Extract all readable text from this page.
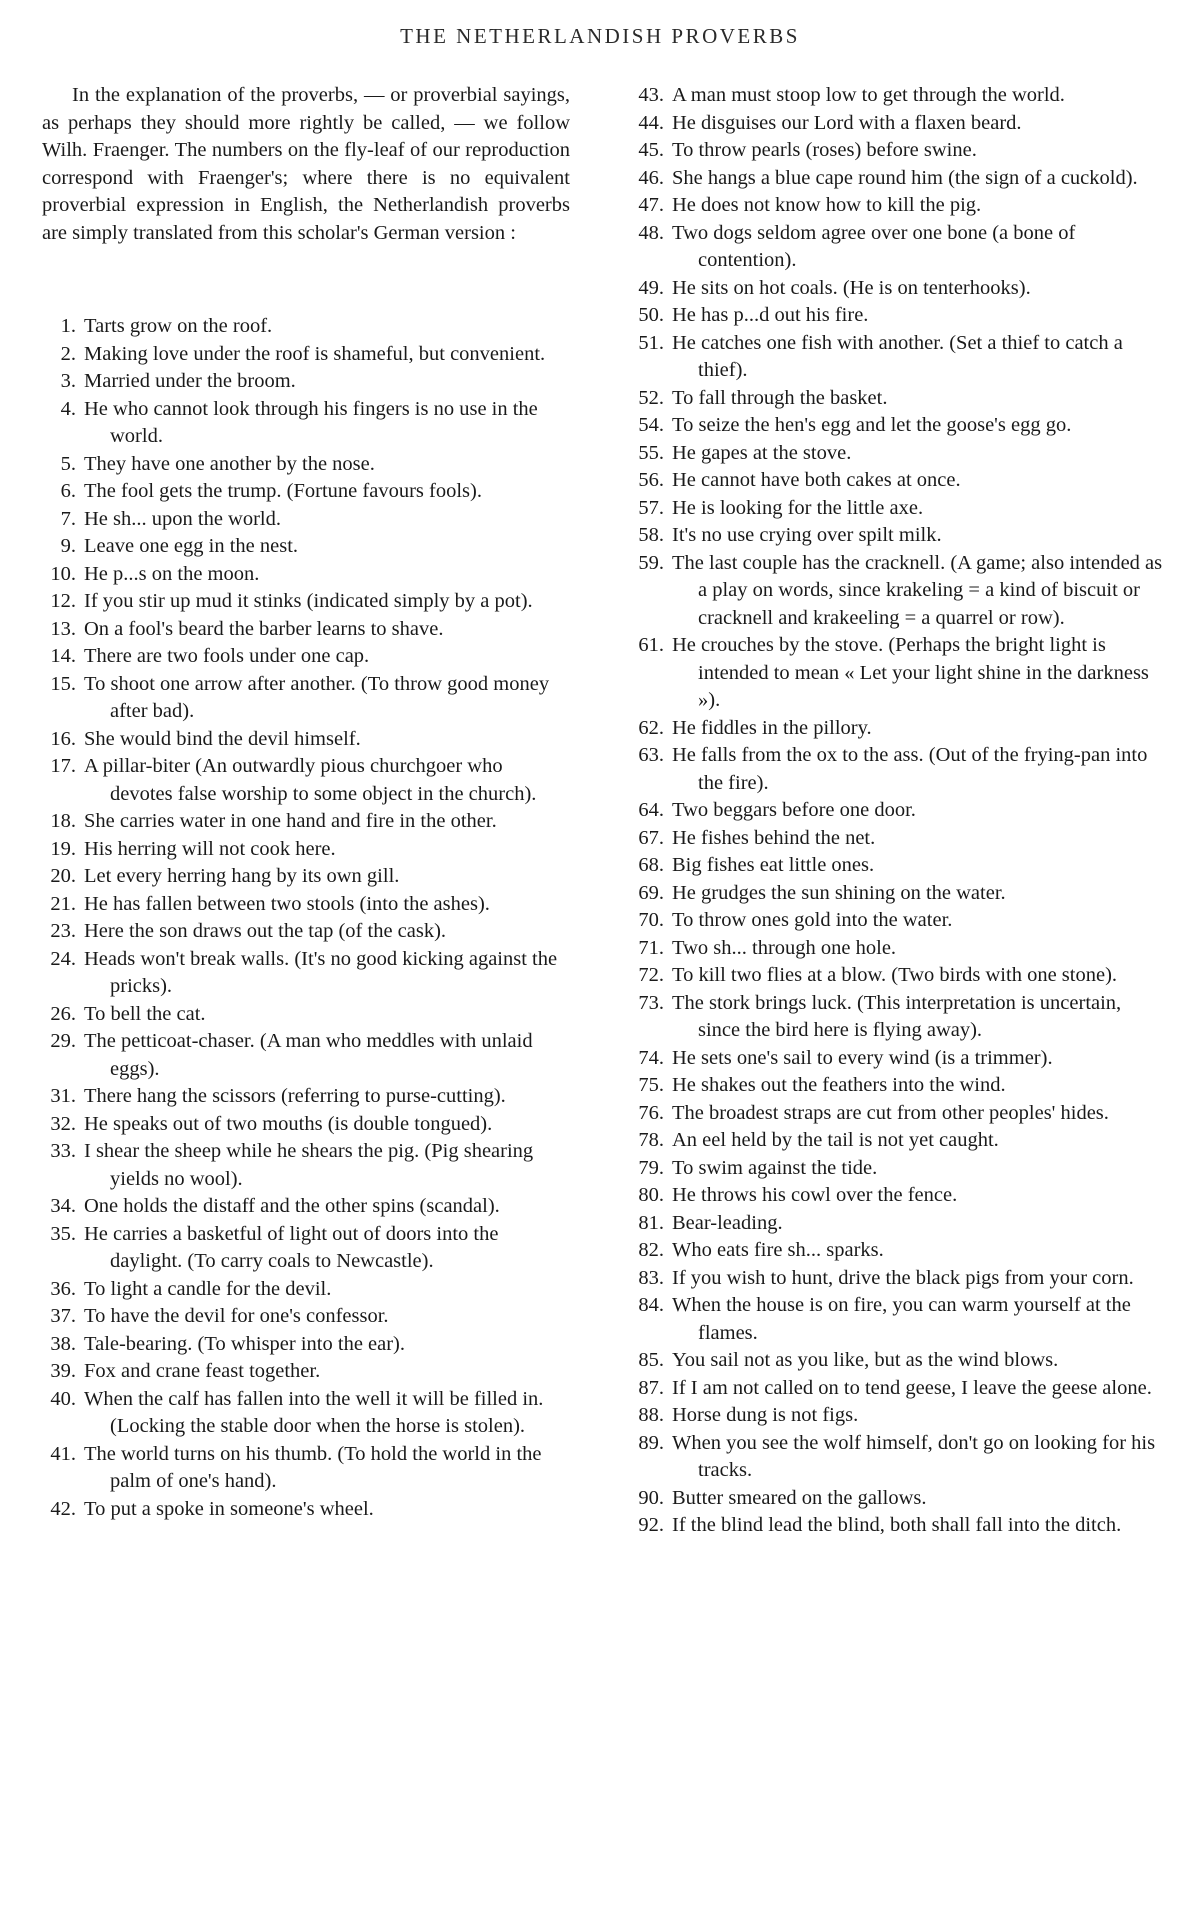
THE NETHERLANDISH PROVERBS

In the explanation of the proverbs, — or proverbial sayings, as perhaps they should more rightly be called, — we follow Wilh. Fraenger. The numbers on the fly-leaf of our reproduction correspond with Fraenger's; where there is no equivalent proverbial expression in English, the Netherlandish proverbs are simply translated from this scholar's German version :

1. Tarts grow on the roof.
2. Making love under the roof is shameful, but convenient.
3. Married under the broom.
4. He who cannot look through his fingers is no use in the world.
5. They have one another by the nose.
6. The fool gets the trump. (Fortune favours fools).
7. He sh... upon the world.
9. Leave one egg in the nest.
10. He p...s on the moon.
12. If you stir up mud it stinks (indicated simply by a pot).
13. On a fool's beard the barber learns to shave.
14. There are two fools under one cap.
15. To shoot one arrow after another. (To throw good money after bad).
16. She would bind the devil himself.
17. A pillar-biter (An outwardly pious churchgoer who devotes false worship to some object in the church).
18. She carries water in one hand and fire in the other.
19. His herring will not cook here.
20. Let every herring hang by its own gill.
21. He has fallen between two stools (into the ashes).
23. Here the son draws out the tap (of the cask).
24. Heads won't break walls. (It's no good kicking against the pricks).
26. To bell the cat.
29. The petticoat-chaser. (A man who meddles with unlaid eggs).
31. There hang the scissors (referring to purse-cutting).
32. He speaks out of two mouths (is double tongued).
33. I shear the sheep while he shears the pig. (Pig shearing yields no wool).
34. One holds the distaff and the other spins (scandal).
35. He carries a basketful of light out of doors into the daylight. (To carry coals to Newcastle).
36. To light a candle for the devil.
37. To have the devil for one's confessor.
38. Tale-bearing. (To whisper into the ear).
39. Fox and crane feast together.
40. When the calf has fallen into the well it will be filled in. (Locking the stable door when the horse is stolen).
41. The world turns on his thumb. (To hold the world in the palm of one's hand).
42. To put a spoke in someone's wheel.
43. A man must stoop low to get through the world.
44. He disguises our Lord with a flaxen beard.
45. To throw pearls (roses) before swine.
46. She hangs a blue cape round him (the sign of a cuckold).
47. He does not know how to kill the pig.
48. Two dogs seldom agree over one bone (a bone of contention).
49. He sits on hot coals. (He is on tenterhooks).
50. He has p...d out his fire.
51. He catches one fish with another. (Set a thief to catch a thief).
52. To fall through the basket.
54. To seize the hen's egg and let the goose's egg go.
55. He gapes at the stove.
56. He cannot have both cakes at once.
57. He is looking for the little axe.
58. It's no use crying over spilt milk.
59. The last couple has the cracknell. (A game; also intended as a play on words, since krakeling = a kind of biscuit or cracknell and krakeeling = a quarrel or row).
61. He crouches by the stove. (Perhaps the bright light is intended to mean « Let your light shine in the darkness »).
62. He fiddles in the pillory.
63. He falls from the ox to the ass. (Out of the frying-pan into the fire).
64. Two beggars before one door.
67. He fishes behind the net.
68. Big fishes eat little ones.
69. He grudges the sun shining on the water.
70. To throw ones gold into the water.
71. Two sh... through one hole.
72. To kill two flies at a blow. (Two birds with one stone).
73. The stork brings luck. (This interpretation is uncertain, since the bird here is flying away).
74. He sets one's sail to every wind (is a trimmer).
75. He shakes out the feathers into the wind.
76. The broadest straps are cut from other peoples' hides.
78. An eel held by the tail is not yet caught.
79. To swim against the tide.
80. He throws his cowl over the fence.
81. Bear-leading.
82. Who eats fire sh... sparks.
83. If you wish to hunt, drive the black pigs from your corn.
84. When the house is on fire, you can warm yourself at the flames.
85. You sail not as you like, but as the wind blows.
87. If I am not called on to tend geese, I leave the geese alone.
88. Horse dung is not figs.
89. When you see the wolf himself, don't go on looking for his tracks.
90. Butter smeared on the gallows.
92. If the blind lead the blind, both shall fall into the ditch.
